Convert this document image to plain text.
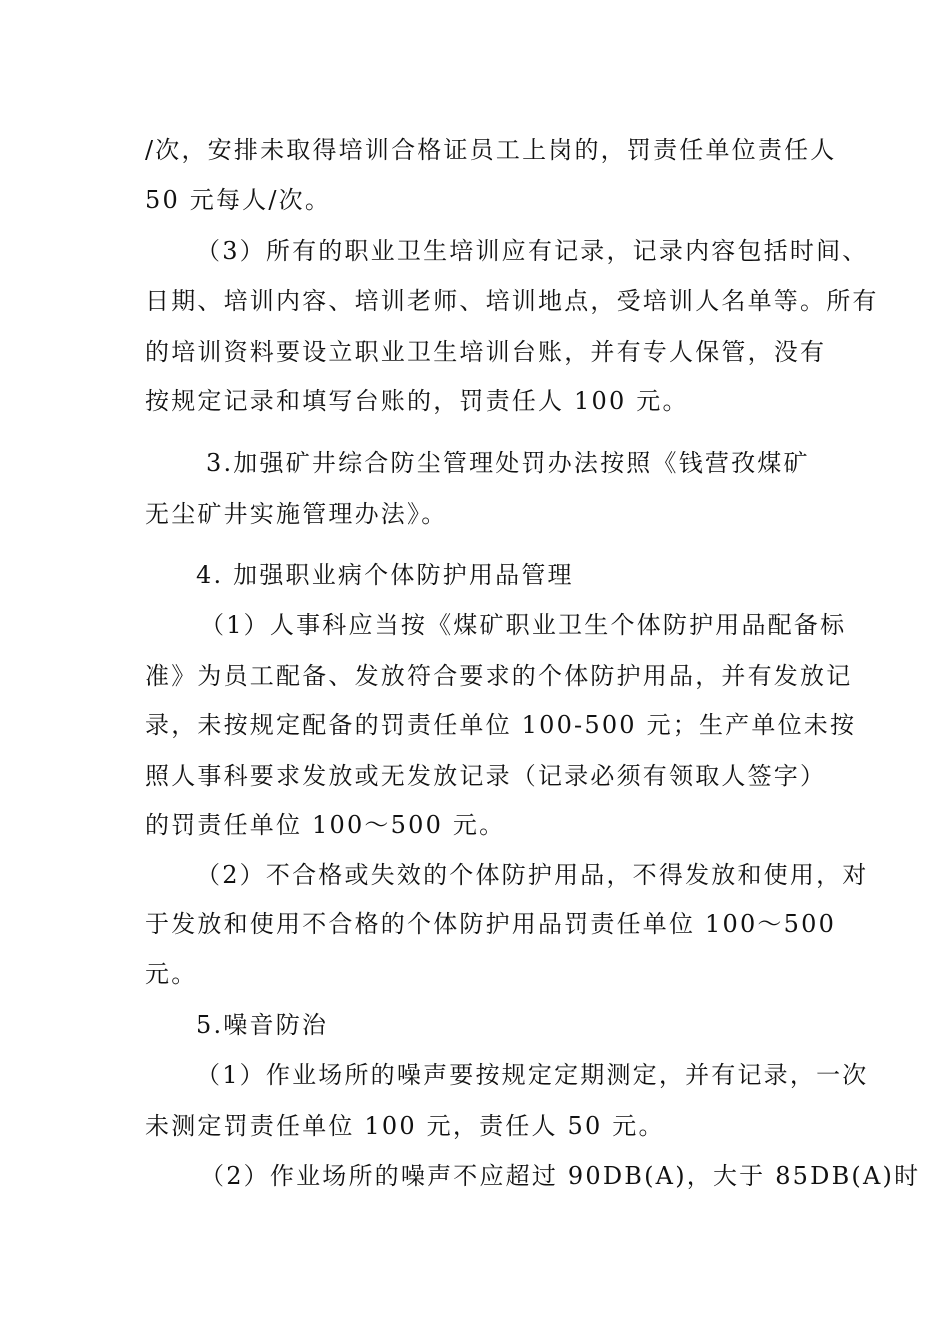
/次，安排未取得培训合格证员工上岗的，罚责任单位责任人
50 元每人/次。
（3）所有的职业卫生培训应有记录，记录内容包括时间、
日期、培训内容、培训老师、培训地点，受培训人名单等。所有
的培训资料要设立职业卫生培训台账，并有专人保管，没有
按规定记录和填写台账的，罚责任人 100 元。
3.加强矿井综合防尘管理处罚办法按照《钱营孜煤矿
无尘矿井实施管理办法》。
4. 加强职业病个体防护用品管理
（1）人事科应当按《煤矿职业卫生个体防护用品配备标
准》为员工配备、发放符合要求的个体防护用品，并有发放记
录，未按规定配备的罚责任单位 100-500 元；生产单位未按
照人事科要求发放或无发放记录（记录必须有领取人签字）
的罚责任单位 100～500 元。
（2）不合格或失效的个体防护用品，不得发放和使用，对
于发放和使用不合格的个体防护用品罚责任单位 100～500
元。
5.噪音防治
（1）作业场所的噪声要按规定定期测定，并有记录，一次
未测定罚责任单位 100 元，责任人 50 元。
（2）作业场所的噪声不应超过 90DB(A)，大于 85DB(A)时
